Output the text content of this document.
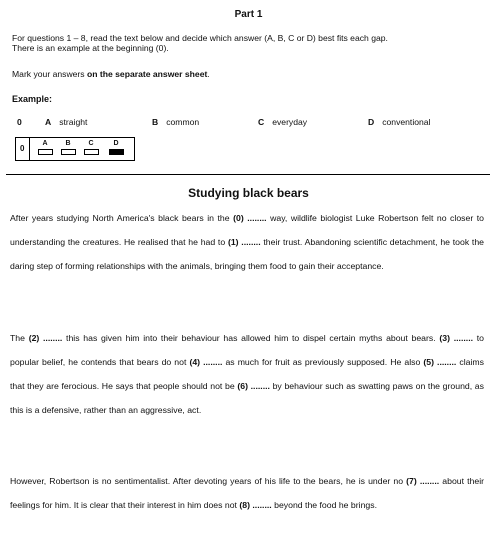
Part 1
For questions 1 – 8, read the text below and decide which answer (A, B, C or D) best fits each gap.
There is an example at the beginning (0).
Mark your answers on the separate answer sheet.
Example:
0	A straight	B common	C everyday	D conventional
0
A	B	C	D
Studying black bears
After years studying North America's black bears in the (0) ........ way, wildlife biologist Luke Robertson felt no closer to understanding the creatures. He realised that he had to (1) ........ their trust. Abandoning scientific detachment, he took the daring step of forming relationships with the animals, bringing them food to gain their acceptance.
The (2) ........ this has given him into their behaviour has allowed him to dispel certain myths about bears. (3) ........ to popular belief, he contends that bears do not (4) ........ as much for fruit as previously supposed. He also (5) ........ claims that they are ferocious. He says that people should not be (6) ........ by behaviour such as swatting paws on the ground, as this is a defensive, rather than an aggressive, act.
However, Robertson is no sentimentalist. After devoting years of his life to the bears, he is under no (7) ........ about their feelings for him. It is clear that their interest in him does not (8) ........ beyond the food he brings.
